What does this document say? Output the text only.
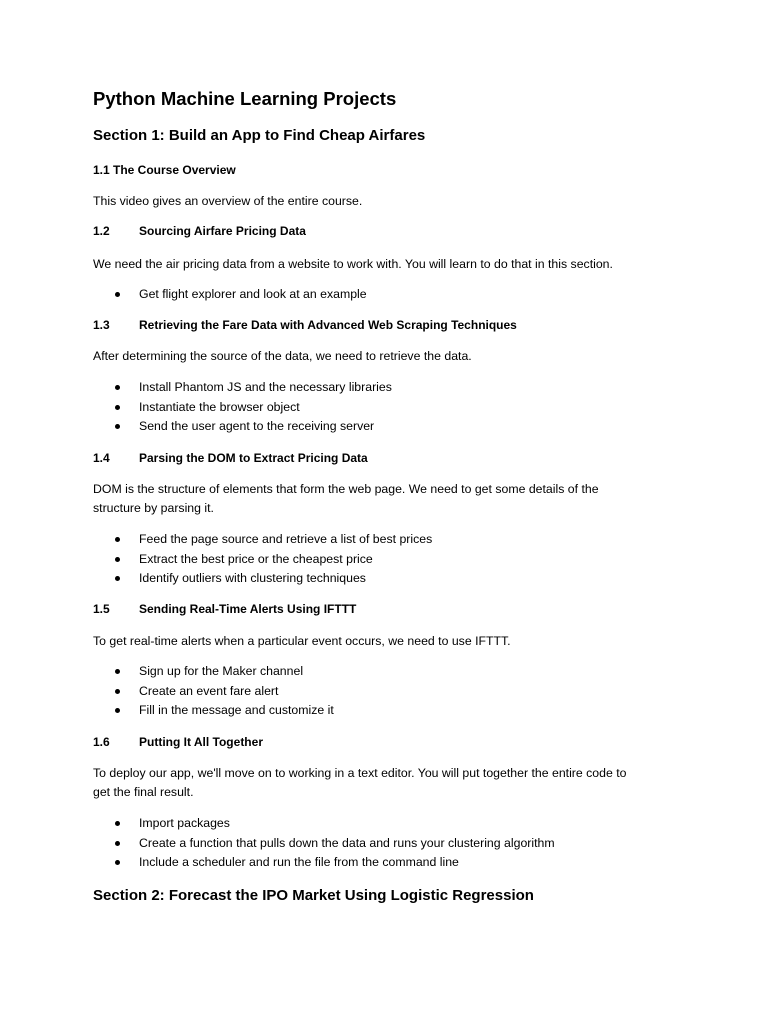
Python Machine Learning Projects
Section 1: Build an App to Find Cheap Airfares
1.1 The Course Overview
This video gives an overview of the entire course.
1.2 Sourcing Airfare Pricing Data
We need the air pricing data from a website to work with. You will learn to do that in this section.
Get flight explorer and look at an example
1.3 Retrieving the Fare Data with Advanced Web Scraping Techniques
After determining the source of the data, we need to retrieve the data.
Install Phantom JS and the necessary libraries
Instantiate the browser object
Send the user agent to the receiving server
1.4 Parsing the DOM to Extract Pricing Data
DOM is the structure of elements that form the web page. We need to get some details of the
structure by parsing it.
Feed the page source and retrieve a list of best prices
Extract the best price or the cheapest price
Identify outliers with clustering techniques
1.5 Sending Real-Time Alerts Using IFTTT
To get real-time alerts when a particular event occurs, we need to use IFTTT.
Sign up for the Maker channel
Create an event fare alert
Fill in the message and customize it
1.6 Putting It All Together
To deploy our app, we'll move on to working in a text editor. You will put together the entire code to
get the final result.
Import packages
Create a function that pulls down the data and runs your clustering algorithm
Include a scheduler and run the file from the command line
Section 2: Forecast the IPO Market Using Logistic Regression
